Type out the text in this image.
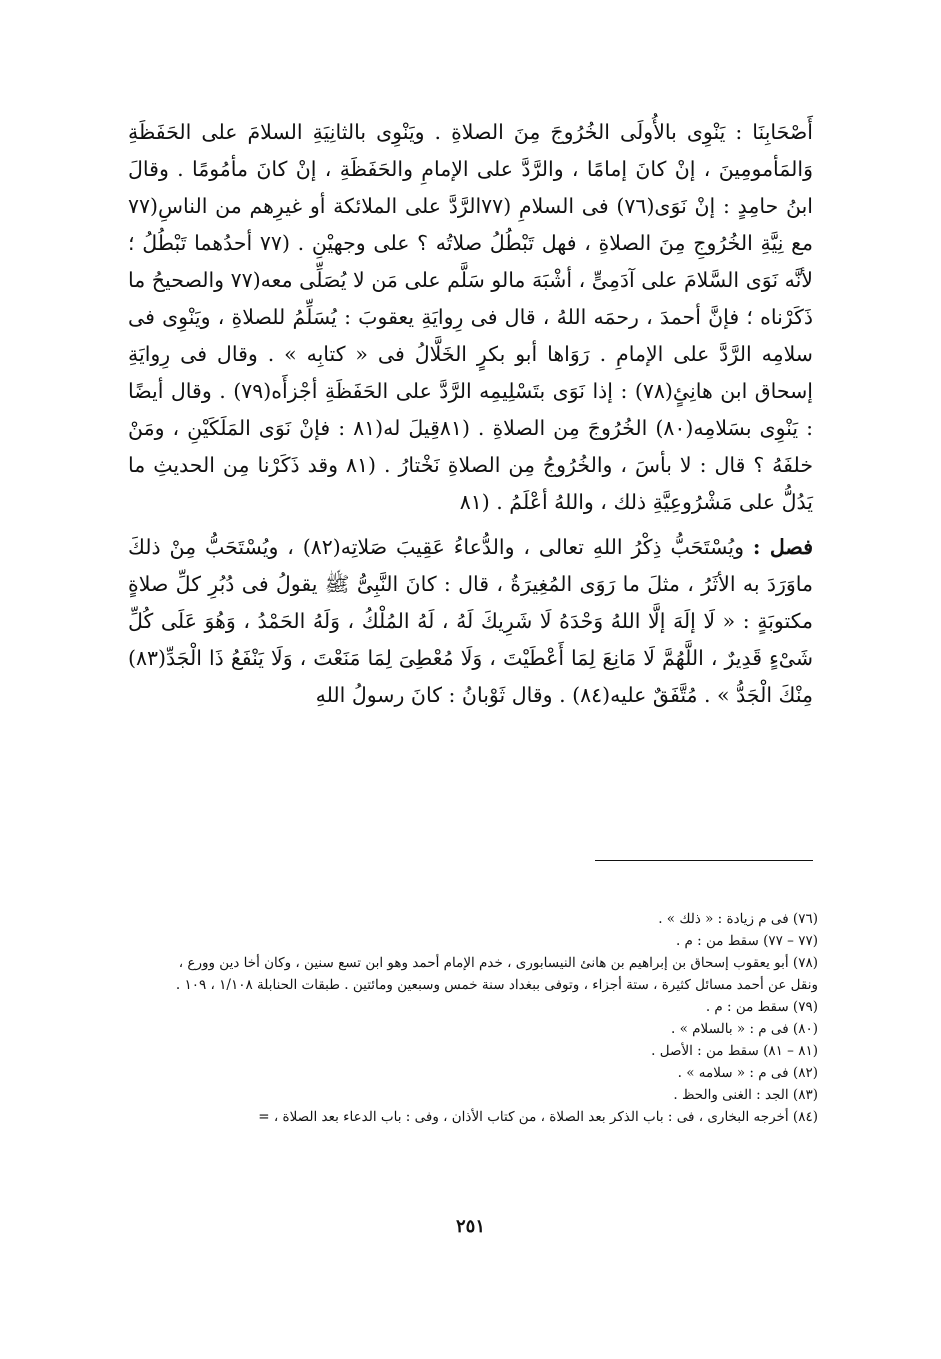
أَصْحَابِنَا : يَنْوِى بالأُولَى الخُرُوجَ مِنَ الصلاةِ . ويَنْوِى بالثانِيَةِ السلامَ على الحَفَظَةِ وَالمَأمومِينَ ، إنْ كانَ إمامًا ، والرَّدَّ على الإمامِ والحَفَظَةِ ، إنْ كانَ مأمُومًا . وقالَ ابنُ حامِدٍ : إنْ نَوَى(٧٦) فى السلامِ (٧٧الرَّدَّ على الملائكة أو غيرِهم من الناسِ(٧٧ مع نِيَّةِ الخُرُوجِ مِنَ الصلاةِ ، فهل تَبْطُلُ صلاتُه ؟ على وجهيْنِ . (٧٧ أحدُهما تَبْطُلُ ؛ لأنَّه نَوَى السَّلامَ على آدَمِىٍّ ، أشْبَهَ مالو سَلَّم على مَن لا يُصَلِّى معه(٧٧ والصحيحُ ما ذَكَرْناه ؛ فإنَّ أحمدَ ، رحمَه اللهُ ، قال فى رِوايَةِ يعقوبَ : يُسَلِّمُ للصلاةِ ، ويَنْوِى فى سلامِه الرَّدَّ على الإمامِ . رَوَاها أبو بكرٍ الخَلَّالُ فى « كتابِه » . وقال فى رِوايَةِ إسحاق ابن هانِئٍ(٧٨) : إذا نَوَى بتَسْلِيمِه الرَّدَّ على الحَفَظَةِ أجْزأَه(٧٩) . وقال أيضًا : يَنْوِى بسَلامِه(٨٠) الخُرُوجَ مِن الصلاةِ . (٨١قِيلَ له(٨١ : فإنْ نَوَى المَلَكَيْنِ ، ومَنْ خلفَهُ ؟ قال : لا بأسَ ، والخُرُوجُ مِن الصلاةِ نَخْتارُ . (٨١ وقد ذَكَرْنا مِن الحديثِ ما يَدُلُّ على مَشْرُوعِيَّةِ ذلك ، واللهُ أعْلَمُ . (٨١

فصل : ويُسْتَحَبُّ ذِكْرُ اللهِ تعالى ، والدُّعاءُ عَقِيبَ صَلاتِه(٨٢) ، ويُسْتَحَبُّ مِنْ ذلكَ ماوَرَدَ به الأثَرُ ، مثلَ ما رَوَى المُغِيرَةُ ، قال : كانَ النَّبِىُّ ﷺ يقولُ فى دُبُرِ كلِّ صلاةٍ مكتوبَةٍ : « لَا إلَهَ إلَّا اللهُ وَحْدَهُ لَا شَرِيكَ لَهُ ، لَهُ المُلْكُ ، وَلَهُ الحَمْدُ ، وَهُوَ عَلَى كُلِّ شَىْءٍ قَدِيرٌ ، اللَّهُمَّ لَا مَانِعَ لِمَا أَعْطَيْتَ ، وَلَا مُعْطِىَ لِمَا مَنَعْتَ ، وَلَا يَنْفَعُ ذَا الْجَدِّ(٨٣) مِنْكَ الْجَدُّ » . مُتَّفَقٌ عليه(٨٤) . وقال ثَوْبانُ : كانَ رسولُ اللهِ

(٧٦) فى م زيادة : « ذلك » .
(٧٧ – ٧٧) سقط من : م .
(٧٨) أبو يعقوب إسحاق بن إبراهيم بن هانئ النيسابورى ، خدم الإمام أحمد وهو ابن تسع سنين ، وكان أخا دين وورع ،
ونقل عن أحمد مسائل كثيرة ، ستة أجزاء ، وتوفى ببغداد سنة خمس وسبعين ومائتين . طبقات الحنابلة ١/١٠٨ ، ١٠٩ .
(٧٩) سقط من : م .
(٨٠) فى م : « بالسلام » .
(٨١ – ٨١) سقط من : الأصل .
(٨٢) فى م : « سلامه » .
(٨٣) الجد : الغنى والحظ .
(٨٤) أخرجه البخارى ، فى : باب الذكر بعد الصلاة ، من كتاب الأذان ، وفى : باب الدعاء بعد الصلاة ، =
٢٥١
